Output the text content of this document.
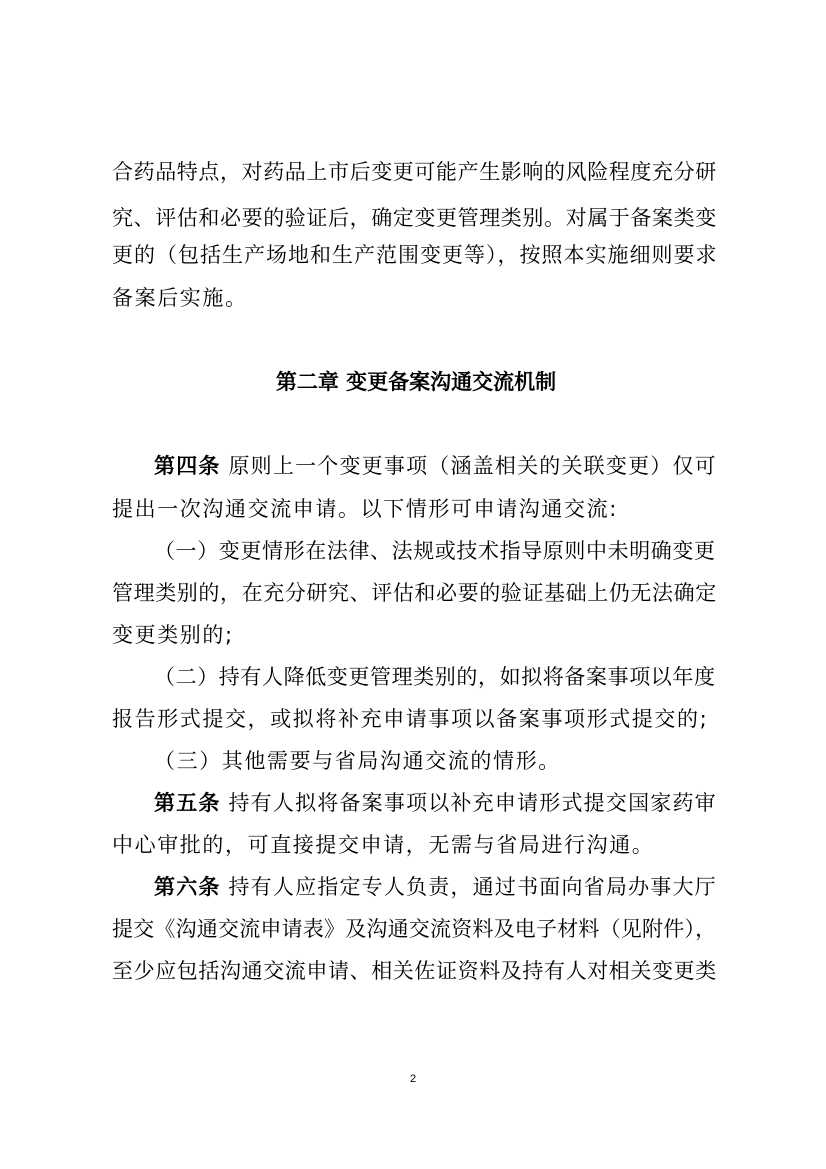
合药品特点，对药品上市后变更可能产生影响的风险程度充分研
究、评估和必要的验证后，确定变更管理类别。对属于备案类变
更的（包括生产场地和生产范围变更等），按照本实施细则要求
备案后实施。
第二章 变更备案沟通交流机制
第四条 原则上一个变更事项（涵盖相关的关联变更）仅可
提出一次沟通交流申请。以下情形可申请沟通交流:
（一）变更情形在法律、法规或技术指导原则中未明确变更
管理类别的，在充分研究、评估和必要的验证基础上仍无法确定
变更类别的;
（二）持有人降低变更管理类别的，如拟将备案事项以年度
报告形式提交，或拟将补充申请事项以备案事项形式提交的;
（三）其他需要与省局沟通交流的情形。
第五条 持有人拟将备案事项以补充申请形式提交国家药审
中心审批的，可直接提交申请，无需与省局进行沟通。
第六条 持有人应指定专人负责，通过书面向省局办事大厅
提交《沟通交流申请表》及沟通交流资料及电子材料（见附件），
至少应包括沟通交流申请、相关佐证资料及持有人对相关变更类
2
